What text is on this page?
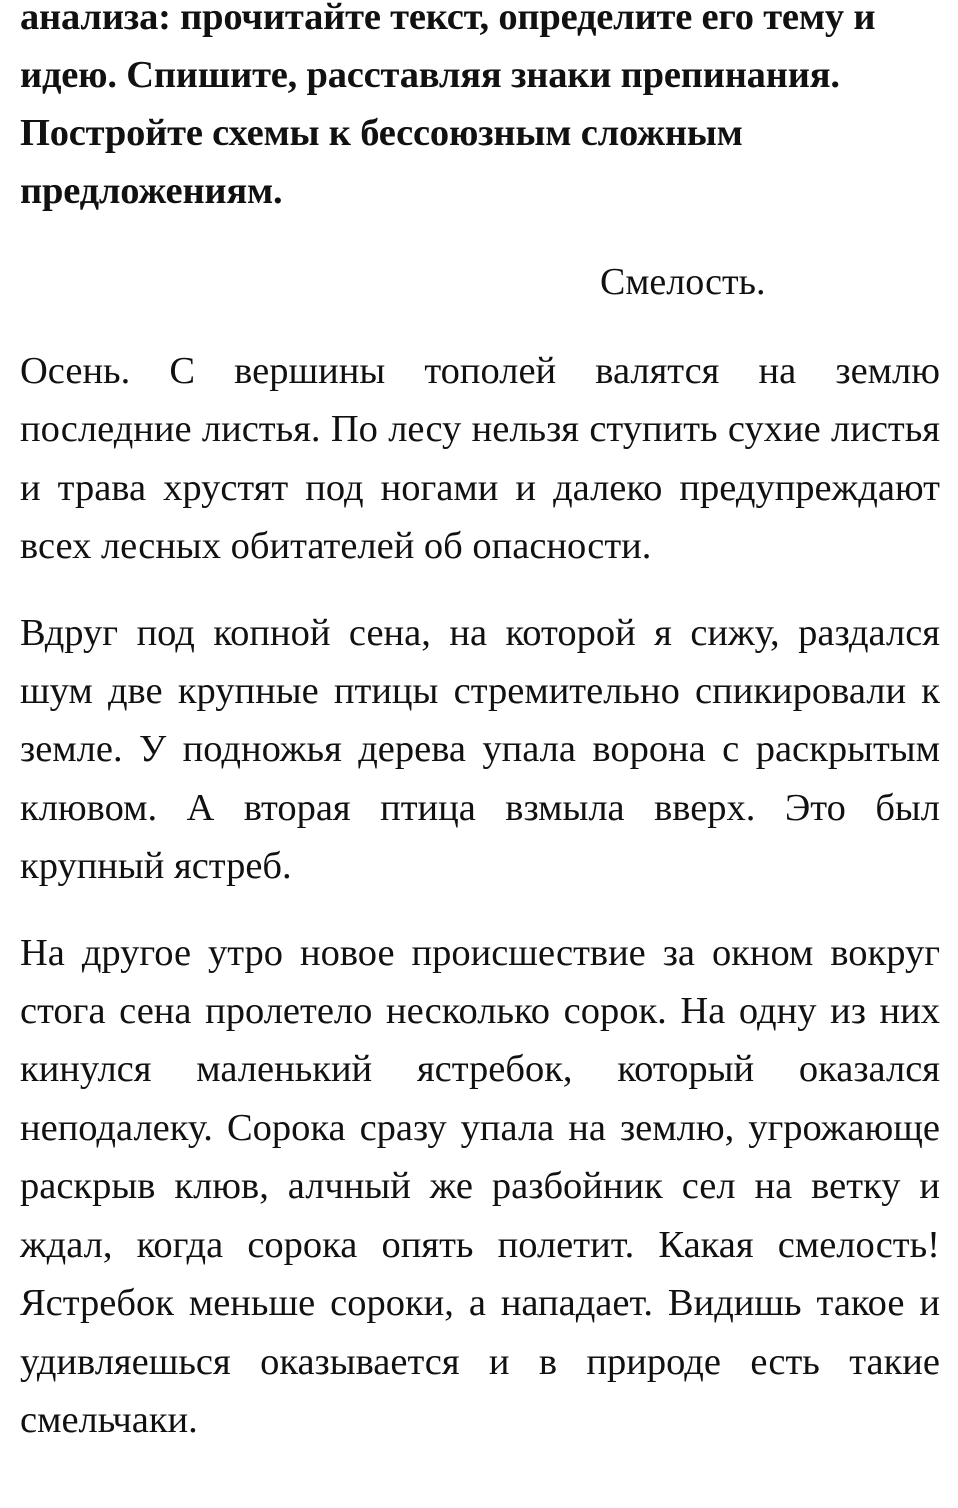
анализа: прочитайте текст, определите его тему и идею. Спишите, расставляя знаки препинания. Постройте схемы к бессоюзным сложным предложениям.

Смелость.

Осень. С вершины тополей валятся на землю последние листья. По лесу нельзя ступить сухие листья и трава хрустят под ногами и далеко предупреждают всех лесных обитателей об опасности.

Вдруг под копной сена, на которой я сижу, раздался шум две крупные птицы стремительно спикировали к земле. У подножья дерева упала ворона с раскрытым клювом. А вторая птица взмыла вверх. Это был крупный ястреб.

На другое утро новое происшествие за окном вокруг стога сена пролетело несколько сорок. На одну из них кинулся маленький ястребок, который оказался неподалеку. Сорока сразу упала на землю, угрожающе раскрыв клюв, алчный же разбойник сел на ветку и ждал, когда сорока опять полетит. Какая смелость! Ястребок меньше сороки, а нападает. Видишь такое и удивляешься оказывается и в природе есть такие смельчаки.
